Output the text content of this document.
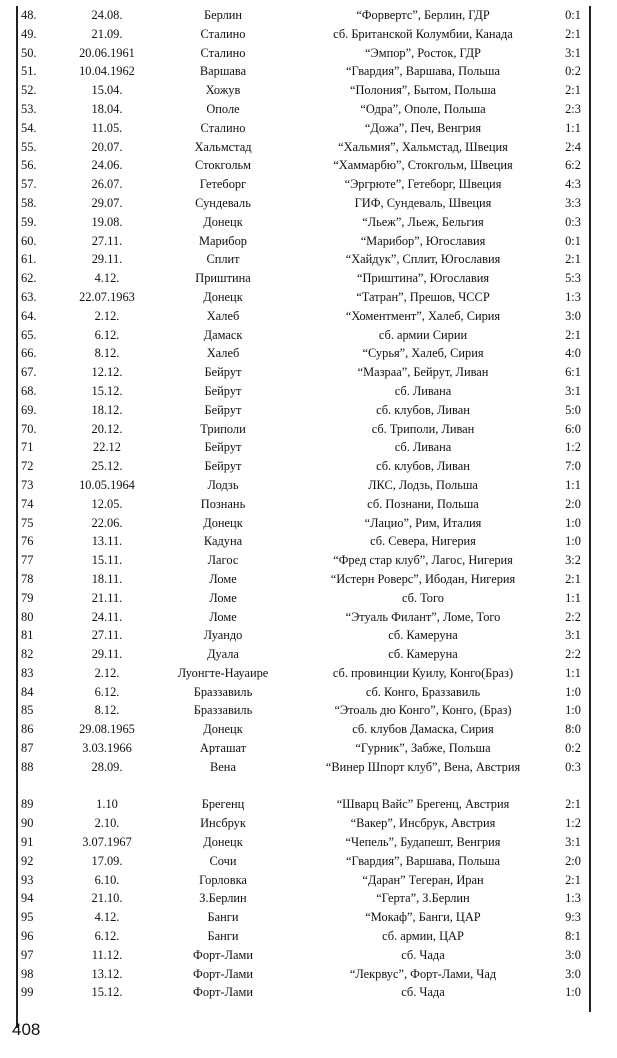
48.	24.08.	Берлин	“Форвертс”, Берлин, ГДР	0:1
49.	21.09.	Сталино	сб. Британской Колумбии, Канада	2:1
50.	20.06.1961	Сталино	“Эмпор”, Росток, ГДР	3:1
51.	10.04.1962	Варшава	“Гвардия”, Варшава, Польша	0:2
52.	15.04.	Хожув	“Полония”, Бытом, Польша	2:1
53.	18.04.	Ополе	“Одра”, Ополе, Польша	2:3
54.	11.05.	Сталино	“Дожа”, Печ, Венгрия	1:1
55.	20.07.	Хальмстад	“Хальмия”, Хальмстад, Швеция	2:4
56.	24.06.	Стокгольм	“Хаммарбю”, Стокгольм, Швеция	6:2
57.	26.07.	Гетеборг	“Эргрюте”, Гетеборг, Швеция	4:3
58.	29.07.	Сундеваль	ГИФ, Сундеваль, Швеция	3:3
59.	19.08.	Донецк	“Льеж”, Льеж, Бельгия	0:3
60.	27.11.	Марибор	“Марибор”, Югославия	0:1
61.	29.11.	Сплит	“Хайдук”, Сплит, Югославия	2:1
62.	4.12.	Приштина	“Приштина”, Югославия	5:3
63.	22.07.1963	Донецк	“Татран”, Прешов, ЧССР	1:3
64.	2.12.	Халеб	“Хоментмент”, Халеб, Сирия	3:0
65.	6.12.	Дамаск	сб. армии Сирии	2:1
66.	8.12.	Халеб	“Сурья”, Халеб, Сирия	4:0
67.	12.12.	Бейрут	“Мазраа”, Бейрут, Ливан	6:1
68.	15.12.	Бейрут	сб. Ливана	3:1
69.	18.12.	Бейрут	сб. клубов, Ливан	5:0
70.	20.12.	Триполи	сб. Триполи, Ливан	6:0
71	22.12	Бейрут	сб. Ливана	1:2
72	25.12.	Бейрут	сб. клубов, Ливан	7:0
73	10.05.1964	Лодзь	ЛКС, Лодзь, Польша	1:1
74	12.05.	Познань	сб. Познани, Польша	2:0
75	22.06.	Донецк	“Лацио”, Рим, Италия	1:0
76	13.11.	Кадуна	сб. Севера, Нигерия	1:0
77	15.11.	Лагос	“Фред стар клуб”, Лагос, Нигерия	3:2
78	18.11.	Ломе	“Истерн Роверс”, Ибодан, Нигерия	2:1
79	21.11.	Ломе	сб. Того	1:1
80	24.11.	Ломе	“Этуаль Филант”, Ломе, Того	2:2
81	27.11.	Луандо	сб. Камеруна	3:1
82	29.11.	Дуала	сб. Камеруна	2:2
83	2.12.	Луонгте-Науаире	сб. провинции Куилу, Конго(Браз)	1:1
84	6.12.	Браззавиль	сб. Конго, Браззавиль	1:0
85	8.12.	Браззавиль	“Этоаль дю Конго”, Конго, (Браз)	1:0
86	29.08.1965	Донецк	сб. клубов Дамаска, Сирия	8:0
87	3.03.1966	Арташат	“Гурник”, Забже, Польша	0:2
88	28.09.	Вена	“Винер Шпорт клуб”, Вена, Австрия	0:3
89	1.10	Брегенц	“Шварц Вайс” Брегенц, Австрия	2:1
90	2.10.	Инсбрук	“Вакер”, Инсбрук, Австрия	1:2
91	3.07.1967	Донецк	“Чепель”, Будапешт, Венгрия	3:1
92	17.09.	Сочи	“Гвардия”, Варшава, Польша	2:0
93	6.10.	Горловка	“Даран” Тегеран, Иран	2:1
94	21.10.	З.Берлин	“Герта”, З.Берлин	1:3
95	4.12.	Банги	“Мокаф”, Банги, ЦАР	9:3
96	6.12.	Банги	сб. армии, ЦАР	8:1
97	11.12.	Форт-Лами	сб. Чада	3:0
98	13.12.	Форт-Лами	“Лекрвус”, Форт-Лами, Чад	3:0
99	15.12.	Форт-Лами	сб. Чада	1:0
408
